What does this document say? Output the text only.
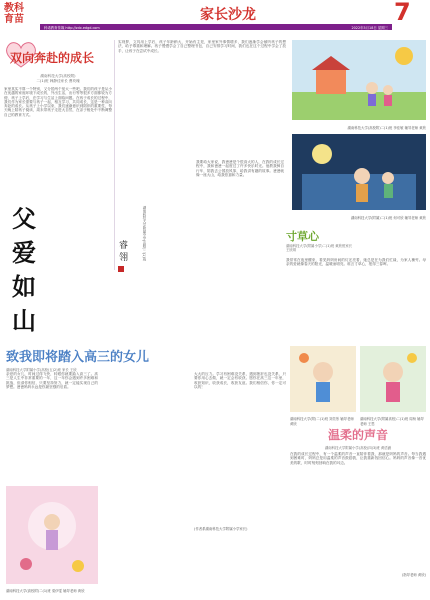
教科
育苗	家长沙龙	7
科诺教育传媒 http://zdx.edgd.com	2022年5月18日 星期三
双向奔赴的成长
湖南科技大学(高校附)
二(1)班 韩静佳家长 曹玫瑰
家里其实不算一个特别，又分居两个宽大一些吧。我们的孩子是从小在优越的家庭环境下成长的，外出生活，出行等等很多方面都较为方便，孩子上学后，在学习与生活上面临问题。在孩子成长的过程中，我们作为家长需要与孩子一起，相互学习，共同成长，这是一种双向奔赴的成长。从孩子上小学以来，我们逐渐意识到陪伴的重要性，每天晚上陪孩子阅读，周末带孩子走进大自然，在亲子相处中不断调整自己的教育方式。
实现梦，文具用上学后，孩子年龄稍大，开始有主见，家里家外事情增多，我们逐渐学会倾听孩子的想法，给予尊重和理解。孩子慢慢学会了自己整理书包，自己安排学习时间，我们也在这个过程中学会了放手，让孩子在尝试中成长。
湖南科技大学(高校附)二(1)班 李佳敏 辅导老师 黄欣
湖南科技大学(附属)二(1)班 何可欣 辅导老师 黄欣
父爱如山
睿 翎	湖南科技大学附属小学(高校)二(1)班
我要给大家说，我爸爸是个很高大的人，在我的成长过程中，我和爸爸一起度过了许多快乐时光。他教我骑自行车，陪我去公园放风筝，给我讲有趣的故事。爸爸就像一座大山，给我依靠和力量。
寸草心
湖南科技大学(附属小学)二(1)班 黄欣悦家长 王欣琪
我常常在夜里醒来，看见妈妈房间的灯还亮着，她总是在为我们忙碌，为家人操劳。母亲的爱就像春天的阳光，温暖而明亮。谁言寸草心，报得三春晖。
致我即将踏入高三的女儿
湖南科技大学附属小学(高校)五(2)班 家长 王欣
亲爱的女儿，时间过得飞快，转眼你就要踏入高三了。高三是人生中非常重要的一年，这一年你会遇到许多困难和挑战，但请你相信，只要坚持努力，就一定能实现自己的梦想。爸爸妈妈永远是你最坚强的后盾。
大大的压力。学习有困难没关系，遇到挫折也没关系，只要你用心去做，就一定会有收获。愿你在高三这一年里，收获知识，收获成长，收获友谊。我们相信你，你一定可以的！
(作者系湖南科技大学附属小学家长)
湖南科技大学(高校附)二(1)班 梁伊雯 辅导老师 黄欣
湖南科技大学(附)二(1)班 刘奕彤 辅导老师 黄欣
湖南科技大学(附属高校)二(1)班 周杨 辅导老师 王思
温柔的声音
湖南科技大学附属小学(高校)四(3)班 黄语涵
在我的成长过程中，有一个温柔的声音一直陪伴着我，那就是妈妈的声音。每当我遇到困难时，妈妈总是用温柔的声音鼓励我，让我重新找回信心。妈妈的声音像一首优美的歌，时时刻刻回响在我的耳边。
(指导老师 黄欣)
